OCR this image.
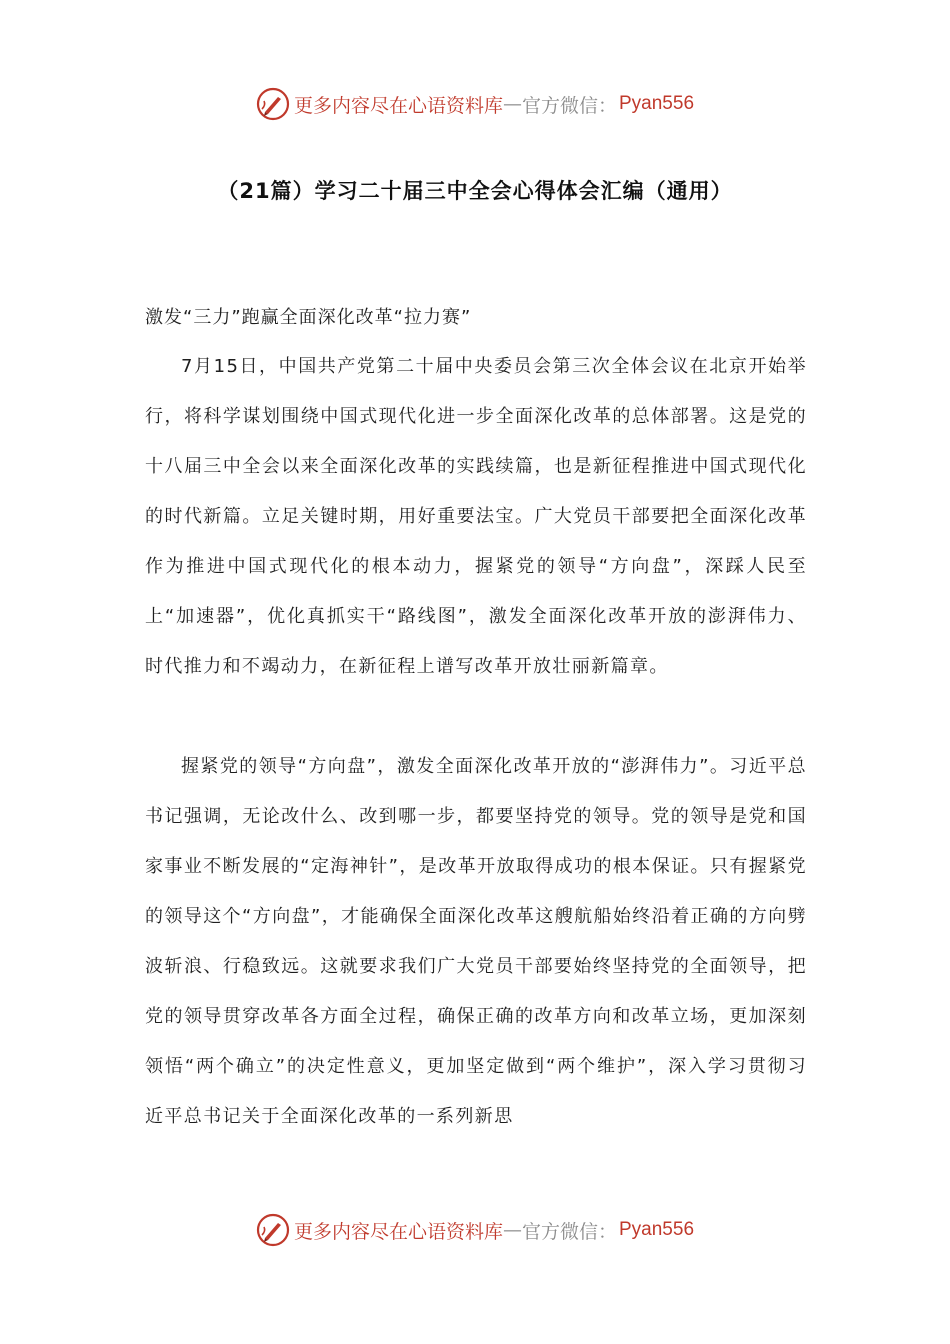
更多内容尽在心语资料库 — 官方微信： Pyan556
（21篇）学习二十届三中全会心得体会汇编（通用）
激发“三力”跑赢全面深化改革“拉力赛”

7月15日，中国共产党第二十届中央委员会第三次全体会议在北京开始举行，将科学谋划围绕中国式现代化进一步全面深化改革的总体部署。这是党的十八届三中全会以来全面深化改革的实践续篇，也是新征程推进中国式现代化的时代新篇。立足关键时期，用好重要法宝。广大党员干部要把全面深化改革作为推进中国式现代化的根本动力，握紧党的领导“方向盘”，深踩人民至上“加速器”，优化真抓实干“路线图”，激发全面深化改革开放的澎湃伟力、时代推力和不竭动力，在新征程上谱写改革开放壮丽新篇章。

握紧党的领导“方向盘”，激发全面深化改革开放的“澎湃伟力”。习近平总书记强调，无论改什么、改到哪一步，都要坚持党的领导。党的领导是党和国家事业不断发展的“定海神针”，是改革开放取得成功的根本保证。只有握紧党的领导这个“方向盘”，才能确保全面深化改革这艘航船始终沿着正确的方向劈波斩浪、行稳致远。这就要求我们广大党员干部要始终坚持党的全面领导，把党的领导贯穿改革各方面全过程，确保正确的改革方向和改革立场，更加深刻领悟“两个确立”的决定性意义，更加坚定做到“两个维护”，深入学习贯彻习近平总书记关于全面深化改革的一系列新思

更多内容尽在心语资料库 — 官方微信： Pyan556
